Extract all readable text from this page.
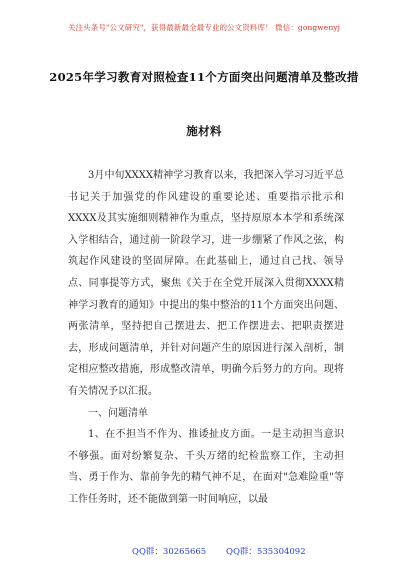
关注头条号"公文研究"，获得最新最全最专业的公文资料库！ 微信：gongwenyj
2025年学习教育对照检查11个方面突出问题清单及整改措
施材料

3月中旬XXXX精神学习教育以来，我把深入学习习近平总书记关于加强党的作风建设的重要论述、重要指示批示和XXXX及其实施细则精神作为重点，坚持原原本本学和系统深入学相结合，通过前一阶段学习，进一步绷紧了作风之弦，构筑起作风建设的坚固屏障。在此基础上，通过自己找、领导点、同事提等方式，聚焦《关于在全党开展深入贯彻XXXX精神学习教育的通知》中提出的集中整治的11个方面突出问题、两张清单，坚持把自己摆进去、把工作摆进去、把职责摆进去，形成问题清单，并针对问题产生的原因进行深入剖析，制定相应整改措施，形成整改清单，明确今后努力的方向。现将有关情况予以汇报。

一、问题清单

1、在不担当不作为、推诿扯皮方面。一是主动担当意识不够强。面对纷繁复杂、千头万绪的纪检监察工作，主动担当、勇于作为、靠前争先的精气神不足，在面对"急难险重"等工作任务时，还不能做到第一时间响应，以最

QQ群：30265665 QQ群：535304092
